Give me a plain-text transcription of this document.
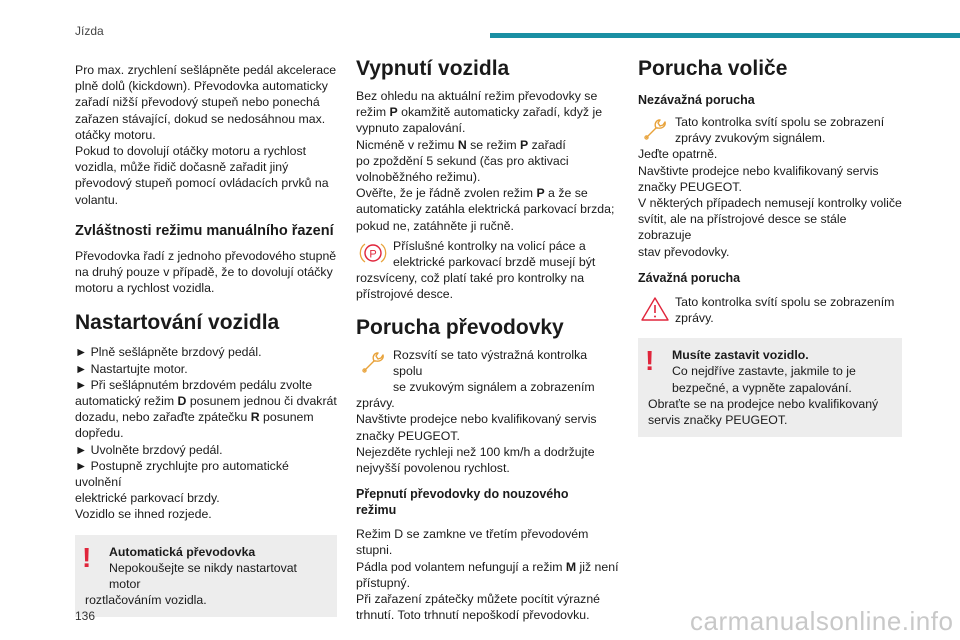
Jízda
Pro max. zrychlení sešlápněte pedál akcelerace
plně dolů (kickdown). Převodovka automaticky
zařadí nižší převodový stupeň nebo ponechá
zařazen stávající, dokud se nedosáhnou max.
otáčky motoru.
Pokud to dovolují otáčky motoru a rychlost
vozidla, může řidič dočasně zařadit jiný
převodový stupeň pomocí ovládacích prvků na
volantu.
Zvláštnosti režimu manuálního řazení
Převodovka řadí z jednoho převodového stupně
na druhý pouze v případě, že to dovolují otáčky
motoru a rychlost vozidla.
Nastartování vozidla
► Plně sešlápněte brzdový pedál.
► Nastartujte motor.
► Při sešlápnutém brzdovém pedálu zvolte
automatický režim D posunem jednou či dvakrát
dozadu, nebo zařaďte zpátečku R posunem
dopředu.
► Uvolněte brzdový pedál.
► Postupně zrychlujte pro automatické uvolnění
elektrické parkovací brzdy.
Vozidlo se ihned rozjede.
!	Automatická převodovka
Nepokoušejte se nikdy nastartovat motor
roztlačováním vozidla.
Vypnutí vozidla
Bez ohledu na aktuální režim převodovky se
režim P okamžitě automaticky zařadí, když je
vypnuto zapalování.
Nicméně v režimu N se režim P zařadí
po zpoždění 5 sekund (čas pro aktivaci
volnoběžného režimu).
Ověřte, že je řádně zvolen režim P a že se
automaticky zatáhla elektrická parkovací brzda;
pokud ne, zatáhněte ji ručně.
P
Příslušné kontrolky na volicí páce a
elektrické parkovací brzdě musejí být
rozsvíceny, což platí také pro kontrolky na
přístrojové desce.
Porucha převodovky
Rozsvítí se tato výstražná kontrolka spolu
se zvukovým signálem a zobrazením
zprávy.
Navštivte prodejce nebo kvalifikovaný servis
značky PEUGEOT.
Nejezděte rychleji než 100 km/h a dodržujte
nejvyšší povolenou rychlost.
Přepnutí převodovky do nouzového
režimu
Režim D se zamkne ve třetím převodovém
stupni.
Pádla pod volantem nefungují a režim M již není
přístupný.
Při zařazení zpátečky můžete pocítit výrazné
trhnutí. Toto trhnutí nepoškodí převodovku.
Porucha voliče
Nezávažná porucha
Tato kontrolka svítí spolu se zobrazení
zprávy zvukovým signálem.
Jeďte opatrně.
Navštivte prodejce nebo kvalifikovaný servis
značky PEUGEOT.
V některých případech nemusejí kontrolky voliče
svítit, ale na přístrojové desce se stále zobrazuje
stav převodovky.
Závažná porucha
Tato kontrolka svítí spolu se zobrazením
zprávy.
!	Musíte zastavit vozidlo.
Co nejdříve zastavte, jakmile to je
bezpečné, a vypněte zapalování.
Obraťte se na prodejce nebo kvalifikovaný
servis značky PEUGEOT.
136	carmanualsonline.info
